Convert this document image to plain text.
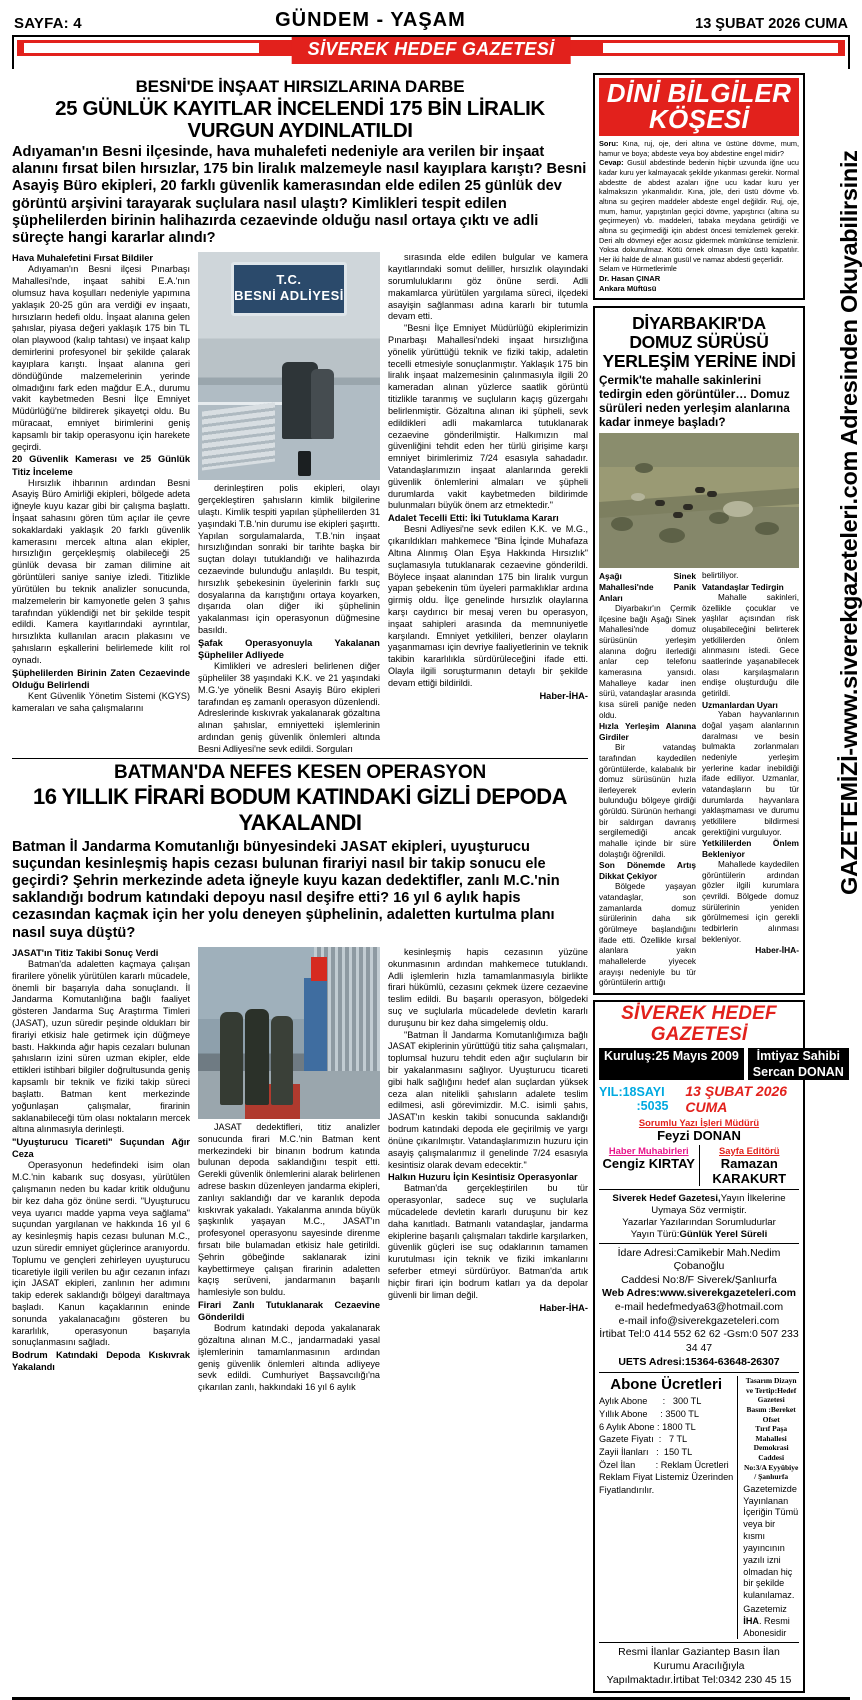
SAYFA: 4	GÜNDEM - YAŞAM	13 ŞUBAT 2026 CUMA
SİVEREK HEDEF GAZETESİ
BESNİ'DE İNŞAAT HIRSIZLARINA DARBE
25 GÜNLÜK KAYITLAR İNCELENDİ 175 BİN LİRALIK VURGUN AYDINLATILDI
Adıyaman'ın Besni ilçesinde, hava muhalefeti nedeniyle ara verilen bir inşaat alanını fırsat bilen hırsızlar, 175 bin liralık malzemeyle nasıl kayıplara karıştı? Besni Asayiş Büro ekipleri, 20 farklı güvenlik kamerasından elde edilen 25 günlük dev görüntü arşivini tarayarak suçlulara nasıl ulaştı? Kimlikleri tespit edilen şüphelilerden birinin halihazırda cezaevinde olduğu nasıl ortaya çıktı ve adli süreçte hangi kararlar alındı?

Hava Muhalefetini Fırsat Bildiler

Adıyaman'ın Besni ilçesi Pınarbaşı Mahallesi'nde, inşaat sahibi E.A.'nın olumsuz hava koşulları nedeniyle yapımına yaklaşık 20-25 gün ara verdiği ev inşaatı, hırsızların hedefi oldu. İnşaat alanına gelen şahıslar, piyasa değeri yaklaşık 175 bin TL olan playwood (kalıp tahtası) ve inşaat kalıp demirlerini profesyonel bir şekilde çalarak kayıplara karıştı. İnşaat alanına geri döndüğünde malzemelerinin yerinde olmadığını fark eden mağdur E.A., durumu vakit kaybetmeden Besni İlçe Emniyet Müdürlüğü'ne bildirerek şikayetçi oldu. Bu müracaat, emniyet birimlerini geniş kapsamlı bir takip operasyonu için harekete geçirdi.

20 Güvenlik Kamerası ve 25 Günlük Titiz İnceleme

Hırsızlık ihbarının ardından Besni Asayiş Büro Amirliği ekipleri, bölgede adeta iğneyle kuyu kazar gibi bir çalışma başlattı. İnşaat sahasını gören tüm açılar ile çevre sokaklardaki yaklaşık 20 farklı güvenlik kamerasını mercek altına alan ekipler, hırsızlığın gerçekleşmiş olabileceği 25 günlük devasa bir zaman dilimine ait görüntüleri saniye saniye izledi. Titizlikle yürütülen bu teknik analizler sonucunda, malzemelerin bir kamyonetle gelen 3 şahıs tarafından yüklendiği net bir şekilde tespit edildi. Kamera kayıtlarındaki ayrıntılar, hırsızlıkta kullanılan aracın plakasını ve şahısların eşkallerini belirlemede kilit rol oynadı.

Şüphelilerden Birinin Zaten Cezaevinde Olduğu Belirlendi

Kent Güvenlik Yönetim Sistemi (KGYS) kameraları ve saha çalışmalarını

T.C.
BESNİ ADLİYESİ

derinleştiren polis ekipleri, olayı gerçekleştiren şahısların kimlik bilgilerine ulaştı. Kimlik tespiti yapılan şüphelilerden 31 yaşındaki T.B.'nin durumu ise ekipleri şaşırttı. Yapılan sorgulamalarda, T.B.'nin inşaat hırsızlığından sonraki bir tarihte başka bir suçtan dolayı tutuklandığı ve halihazırda cezaevinde bulunduğu anlaşıldı. Bu tespit, hırsızlık şebekesinin üyelerinin farklı suç dosyalarına da karıştığını ortaya koyarken, dışarıda olan diğer iki şüphelinin yakalanması için operasyonun düğmesine basıldı.

Şafak Operasyonuyla Yakalanan Şüpheliler Adliyede

Kimlikleri ve adresleri belirlenen diğer şüpheliler 38 yaşındaki K.K. ve 21 yaşındaki M.G.'ye yönelik Besni Asayiş Büro ekipleri tarafından eş zamanlı operasyon düzenlendi. Adreslerinde kıskıvrak yakalanarak gözaltına alınan şahıslar, emniyetteki işlemlerinin ardından geniş güvenlik önlemleri altında Besni Adliyesi'ne sevk edildi. Sorguları

sırasında elde edilen bulgular ve kamera kayıtlarındaki somut deliller, hırsızlık olayındaki sorumluluklarını göz önüne serdi. Adli makamlarca yürütülen yargılama süreci, ilçedeki asayişin sağlanması adına kararlı bir tutumla devam etti.

"Besni İlçe Emniyet Müdürlüğü ekiplerimizin Pınarbaşı Mahallesi'ndeki inşaat hırsızlığına yönelik yürüttüğü teknik ve fiziki takip, adaletin tecelli etmesiyle sonuçlanmıştır. Yaklaşık 175 bin liralık inşaat malzemesinin çalınmasıyla ilgili 20 kameradan alınan yüzlerce saatlik görüntü titizlikle taranmış ve suçluların kaçış güzergahı belirlenmiştir. Gözaltına alınan iki şüpheli, sevk edildikleri adli makamlarca tutuklanarak cezaevine gönderilmiştir. Halkımızın mal güvenliğini tehdit eden her türlü girişime karşı emniyet birimlerimiz 7/24 esasıyla sahadadır. Vatandaşlarımızın inşaat alanlarında gerekli güvenlik önlemlerini almaları ve şüpheli durumlarda vakit kaybetmeden bildirimde bulunmaları büyük önem arz etmektedir."

Adalet Tecelli Etti: İki Tutuklama Kararı

Besni Adliyesi'ne sevk edilen K.K. ve M.G., çıkarıldıkları mahkemece "Bina İçinde Muhafaza Altına Alınmış Olan Eşya Hakkında Hırsızlık" suçlamasıyla tutuklanarak cezaevine gönderildi. Böylece inşaat alanından 175 bin liralık vurgun yapan şebekenin tüm üyeleri parmaklıklar ardına girmiş oldu. İlçe genelinde hırsızlık olaylarına karşı caydırıcı bir mesaj veren bu operasyon, inşaat sahipleri arasında da memnuniyetle karşılandı. Emniyet yetkilileri, benzer olayların yaşanmaması için devriye faaliyetlerinin ve teknik takibin kararlılıkla sürdürüleceğini ifade etti. Olayla ilgili soruşturmanın detaylı bir şekilde devam ettiği bildirildi.

Haber-İHA-

BATMAN'DA NEFES KESEN OPERASYON
16 YILLIK FİRARİ BODUM KATINDAKİ GİZLİ DEPODA YAKALANDI
Batman İl Jandarma Komutanlığı bünyesindeki JASAT ekipleri, uyuşturucu suçundan kesinleşmiş hapis cezası bulunan firariyi nasıl bir takip sonucu ele geçirdi? Şehrin merkezinde adeta iğneyle kuyu kazan dedektifler, zanlı M.C.'nin saklandığı bodrum katındaki depoyu nasıl deşifre etti? 16 yıl 6 aylık hapis cezasından kaçmak için her yolu deneyen şüphelinin, adaletten kurtulma planı nasıl suya düştü?

JASAT'ın Titiz Takibi Sonuç Verdi

Batman'da adaletten kaçmaya çalışan firarilere yönelik yürütülen kararlı mücadele, önemli bir başarıyla daha sonuçlandı. İl Jandarma Komutanlığına bağlı faaliyet gösteren Jandarma Suç Araştırma Timleri (JASAT), uzun süredir peşinde oldukları bir firariyi etkisiz hale getirmek için düğmeye bastı. Hakkında ağır hapis cezaları bulunan şahısların izini süren uzman ekipler, elde ettikleri istihbari bilgiler doğrultusunda geniş kapsamlı bir teknik ve fiziki takip süreci başlattı. Batman kent merkezinde yoğunlaşan çalışmalar, firarinin saklanabileceği tüm olası noktaların mercek altına alınmasıyla derinleşti.

"Uyuşturucu Ticareti" Suçundan Ağır Ceza

Operasyonun hedefindeki isim olan M.C.'nin kabarık suç dosyası, yürütülen çalışmanın neden bu kadar kritik olduğunu bir kez daha göz önüne serdi. "Uyuşturucu veya uyarıcı madde yapma veya sağlama" suçundan yargılanan ve hakkında 16 yıl 6 ay kesinleşmiş hapis cezası bulunan M.C., uzun süredir emniyet güçlerince aranıyordu. Toplumu ve gençleri zehirleyen uyuşturucu ticaretiyle ilgili verilen bu ağır cezanın infazı için JASAT ekipleri, zanlının her adımını takip ederek saklandığı bölgeyi daraltmaya başladı. Kanun kaçaklarının eninde sonunda yakalanacağını gösteren bu kararlılık, operasyonun başarıyla sonuçlanmasını sağladı.

Bodrum Katındaki Depoda Kıskıvrak Yakalandı

JASAT dedektifleri, titiz analizler sonucunda firari M.C.'nin Batman kent merkezindeki bir binanın bodrum katında bulunan depoda saklandığını tespit etti. Gerekli güvenlik önlemlerini alarak belirlenen adrese baskın düzenleyen jandarma ekipleri, zanlıyı saklandığı dar ve karanlık depoda kıskıvrak yakaladı. Yakalanma anında büyük şaşkınlık yaşayan M.C., JASAT'ın profesyonel operasyonu sayesinde direnme fırsatı bile bulamadan etkisiz hale getirildi. Şehrin göbeğinde saklanarak izini kaybettirmeye çalışan firarinin adaletten kaçış serüveni, jandarmanın başarılı hamlesiyle son buldu.

Firari Zanlı Tutuklanarak Cezaevine Gönderildi

Bodrum katındaki depoda yakalanarak gözaltına alınan M.C., jandarmadaki yasal işlemlerinin tamamlanmasının ardından geniş güvenlik önlemleri altında adliyeye sevk edildi. Cumhuriyet Başsavcılığı'na çıkarılan zanlı, hakkındaki 16 yıl 6 aylık

kesinleşmiş hapis cezasının yüzüne okunmasının ardından mahkemece tutuklandı. Adli işlemlerin hızla tamamlanmasıyla birlikte firari hükümlü, cezasını çekmek üzere cezaevine teslim edildi. Bu başarılı operasyon, bölgedeki suç ve suçlularla mücadelede devletin kararlı duruşunu bir kez daha simgelemiş oldu.

"Batman İl Jandarma Komutanlığımıza bağlı JASAT ekiplerinin yürüttüğü titiz saha çalışmaları, toplumsal huzuru tehdit eden ağır suçluların bir bir yakalanmasını sağlıyor. Uyuşturucu ticareti gibi halk sağlığını hedef alan suçlardan yüksek ceza alan nitelikli şahısların adalete teslim edilmesi, asli görevimizdir. M.C. isimli şahıs, JASAT'ın keskin takibi sonucunda saklandığı bodrum katındaki depoda ele geçirilmiş ve yargı önüne çıkarılmıştır. Vatandaşlarımızın huzuru için asayiş çalışmalarımız il genelinde 7/24 esasıyla kesintisiz olarak devam edecektir."

Halkın Huzuru İçin Kesintisiz Operasyonlar

Batman'da gerçekleştirilen bu tür operasyonlar, sadece suç ve suçlularla mücadelede devletin kararlı duruşunu bir kez daha kanıtladı. Batmanlı vatandaşlar, jandarma ekiplerine başarılı çalışmaları takdirle karşılarken, güvenlik güçleri ise suç odaklarının tamamen kurutulması için teknik ve fiziki imkanlarını seferber etmeyi sürdürüyor. Batman'da artık hiçbir firari için bodrum katları ya da depolar güvenli bir liman değil.

Haber-İHA-

DİNİ BİLGİLER KÖŞESİ

Soru: Kına, ruj, oje, deri altına ve üstüne dövme, mum, hamur ve boya; abdeste veya boy abdestine engel midir?

Cevap: Gusül abdestinde bedenin hiçbir uzvunda iğne ucu kadar kuru yer kalmayacak şekilde yıkanması gerekir. Normal abdestte de abdest azaları iğne ucu kadar kuru yer kalmaksızın yıkanmalıdır. Kına, jöle, deri üstü dövme vb. altına su geçiren maddeler abdeste engel değildir. Ruj, oje, mum, hamur, yapıştırılan geçici dövme, yapıştırıcı (altına su geçirmeyen) vb. maddeleri, tabaka meydana getirdiği ve altına su geçirmediği için abdest öncesi temizlemek gerekir. Deri altı dövmeyi eğer acısız gidermek mümkünse temizlenir. Yoksa dokunulmaz. Kötü örnek olmasın diye üstü kapatılır. Her iki halde de alınan gusül ve namaz abdesti geçerlidir.

Selam ve Hürmetlerimle

Dr. Hasan ÇINAR

Ankara Müftüsü

DİYARBAKIR'DA DOMUZ SÜRÜSÜ YERLEŞİM YERİNE İNDİ
Çermik'te mahalle sakinlerini tedirgin eden görüntüler… Domuz sürüleri neden yerleşim alanlarına kadar inmeye başladı?

Aşağı Sinek Mahallesi'nde Panik Anları

Diyarbakır'ın Çermik ilçesine bağlı Aşağı Sinek Mahallesi'nde domuz sürüsünün yerleşim alanına doğru ilerlediği anlar cep telefonu kamerasına yansıdı. Mahalleye kadar inen sürü, vatandaşlar arasında kısa süreli paniğe neden oldu.

Hızla Yerleşim Alanına Girdiler

Bir vatandaş tarafından kaydedilen görüntülerde, kalabalık bir domuz sürüsünün hızla ilerleyerek evlerin bulunduğu bölgeye girdiği görüldü. Sürünün herhangi bir saldırgan davranış sergilemediği ancak mahalle içinde bir süre dolaştığı öğrenildi.

Son Dönemde Artış Dikkat Çekiyor

Bölgede yaşayan vatandaşlar, son zamanlarda domuz sürülerinin daha sık görülmeye başlandığını ifade etti. Özellikle kırsal alanlara yakın mahallelerde yiyecek arayışı nedeniyle bu tür görüntülerin arttığı

belirtiliyor.

Vatandaşlar Tedirgin

Mahalle sakinleri, özellikle çocuklar ve yaşlılar açısından risk oluşabileceğini belirterek yetkililerden önlem alınmasını istedi. Gece saatlerinde yaşanabilecek olası karşılaşmaların endişe oluşturduğu dile getirildi.

Uzmanlardan Uyarı

Yaban hayvanlarının doğal yaşam alanlarının daralması ve besin bulmakta zorlanmaları nedeniyle yerleşim yerlerine kadar inebildiği ifade ediliyor. Uzmanlar, vatandaşların bu tür durumlarda hayvanlara yaklaşmaması ve durumu yetkililere bildirmesi gerektiğini vurguluyor.

Yetkililerden Önlem Bekleniyor

Mahallede kaydedilen görüntülerin ardından gözler ilgili kurumlara çevrildi. Bölgede domuz sürülerinin yeniden görülmemesi için gerekli tedbirlerin alınması bekleniyor.

Haber-İHA-

GAZETEMİZİ-www.siverekgazeteleri.com Adresinden Okuyabilirsiniz
SİVEREK HEDEF GAZETESİ
Kuruluş:25 Mayıs 2009	İmtiyaz Sahibi
Sercan DONAN
YIL:18 SAYI :5035
13 ŞUBAT 2026 CUMA
Sorumlu Yazı İşleri Müdürü
Feyzi DONAN
Haber Muhabirleri
Cengiz KIRTAY
Sayfa Editörü
Ramazan KARAKURT
Siverek Hedef Gazetesi,Yayın İlkelerine Uymaya Söz vermiştir.
Yazarlar Yazılarından Sorumludurlar
Yayın Türü:Günlük Yerel Süreli
İdare Adresi:Camikebir Mah.Nedim Çobanoğlu
Caddesi No:8/F Siverek/Şanlıurfa
Web Adres:www.siverekgazeteleri.com
e-mail hedefmedya63@hotmail.com
e-mail info@siverekgazeteleri.com
İrtibat Tel:0 414 552 62 62 -Gsm:0 507 233 34 47
UETS Adresi:15364-63648-26307
Abone Ücretleri
Aylık Abone      :   300 TL
Yıllık Abone     : 3500 TL
6 Aylık Abone : 1800 TL
Gazete Fiyatı  :   7 TL
Zayii İlanları   :  150 TL
Özel İlan        : Reklam Ücretleri
Reklam Fiyat Listemiz Üzerinden
Fiyatlandırılır.
Tasarım Dizayn ve Tertip:Hedef Gazetesi
Basım :Bereket Ofset
Tırıf Paşa Mahallesi Demokrasi Caddesi
No:3/A Eyyübiye / Şanlıurfa

Gazetemizde Yayınlanan İçeriğin Tümü veya bir kısmı yayıncının yazılı izni olmadan hiç bir şekilde kulanılamaz.

Gazetemiz İHA. Resmi Abonesidir

Resmi İlanlar Gaziantep Basın İlan Kurumu Aracılığıyla
Yapılmaktadır.İrtibat Tel:0342 230 45 15
